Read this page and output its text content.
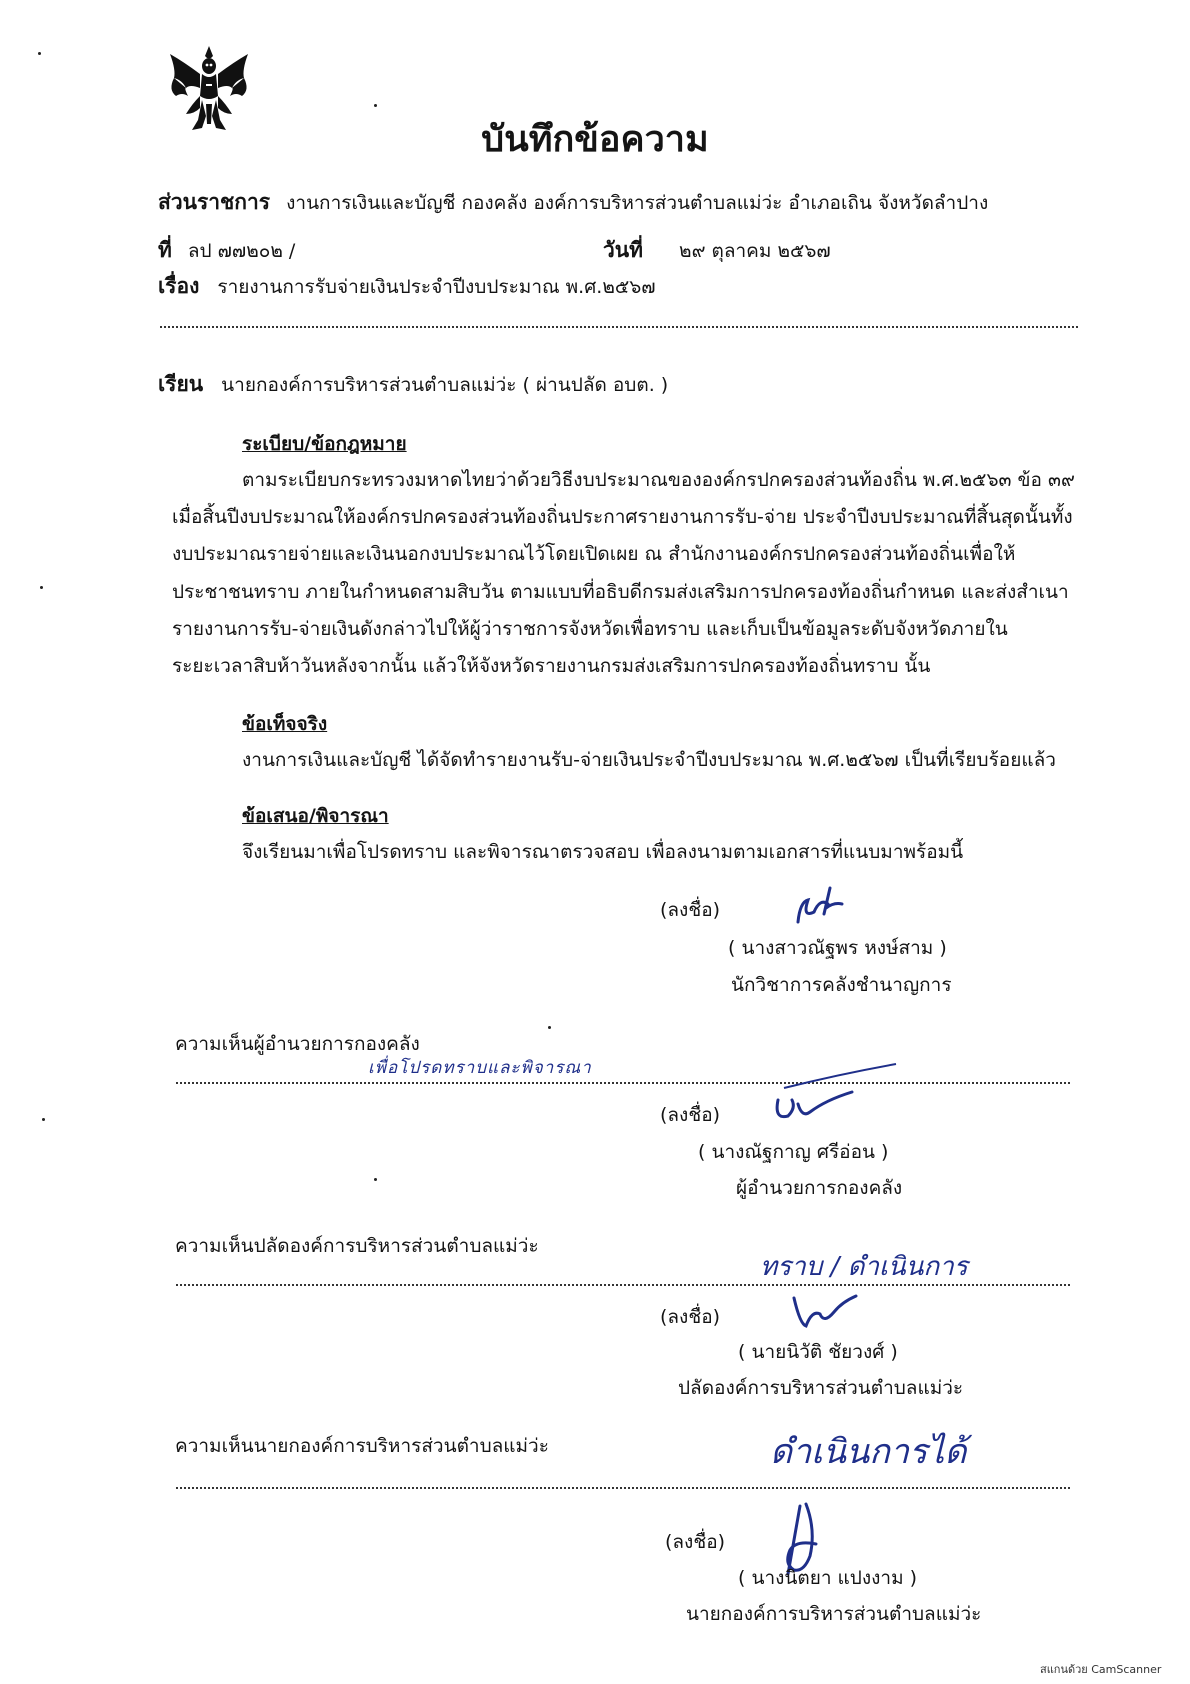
บันทึกข้อความ
ส่วนราชการ งานการเงินและบัญชี กองคลัง องค์การบริหารส่วนตำบลแม่ว่ะ อำเภอเถิน จังหวัดลำปาง
ที่ ลป ๗๗๒๐๒ /	วันที่ ๒๙ ตุลาคม ๒๕๖๗
เรื่อง รายงานการรับจ่ายเงินประจำปีงบประมาณ พ.ศ.๒๕๖๗
เรียน นายกองค์การบริหารส่วนตำบลแม่ว่ะ ( ผ่านปลัด อบต. )
ระเบียบ/ข้อกฎหมาย
ตามระเบียบกระทรวงมหาดไทยว่าด้วยวิธีงบประมาณขององค์กรปกครองส่วนท้องถิ่น พ.ศ.๒๕๖๓ ข้อ ๓๙
เมื่อสิ้นปีงบประมาณให้องค์กรปกครองส่วนท้องถิ่นประกาศรายงานการรับ-จ่าย ประจำปีงบประมาณที่สิ้นสุดนั้นทั้ง
งบประมาณรายจ่ายและเงินนอกงบประมาณไว้โดยเปิดเผย ณ สำนักงานองค์กรปกครองส่วนท้องถิ่นเพื่อให้
ประชาชนทราบ ภายในกำหนดสามสิบวัน ตามแบบที่อธิบดีกรมส่งเสริมการปกครองท้องถิ่นกำหนด และส่งสำเนา
รายงานการรับ-จ่ายเงินดังกล่าวไปให้ผู้ว่าราชการจังหวัดเพื่อทราบ และเก็บเป็นข้อมูลระดับจังหวัดภายใน
ระยะเวลาสิบห้าวันหลังจากนั้น แล้วให้จังหวัดรายงานกรมส่งเสริมการปกครองท้องถิ่นทราบ นั้น
ข้อเท็จจริง
งานการเงินและบัญชี ได้จัดทำรายงานรับ-จ่ายเงินประจำปีงบประมาณ พ.ศ.๒๕๖๗ เป็นที่เรียบร้อยแล้ว
ข้อเสนอ/พิจารณา
จึงเรียนมาเพื่อโปรดทราบ และพิจารณาตรวจสอบ เพื่อลงนามตามเอกสารที่แนบมาพร้อมนี้
(ลงชื่อ)
( นางสาวณัฐพร หงษ์สาม )
นักวิชาการคลังชำนาญการ
ความเห็นผู้อำนวยการกองคลัง
เพื่อโปรดทราบและพิจารณา
(ลงชื่อ)
( นางณัฐกาญ ศรีอ่อน )
ผู้อำนวยการกองคลัง
ความเห็นปลัดองค์การบริหารส่วนตำบลแม่ว่ะ
ทราบ / ดำเนินการ
(ลงชื่อ)
( นายนิวัติ ชัยวงศ์ )
ปลัดองค์การบริหารส่วนตำบลแม่ว่ะ
ความเห็นนายกองค์การบริหารส่วนตำบลแม่ว่ะ	ดำเนินการได้
(ลงชื่อ)
( นางนิตยา แปงงาม )
นายกองค์การบริหารส่วนตำบลแม่ว่ะ
สแกนด้วย CamScanner
